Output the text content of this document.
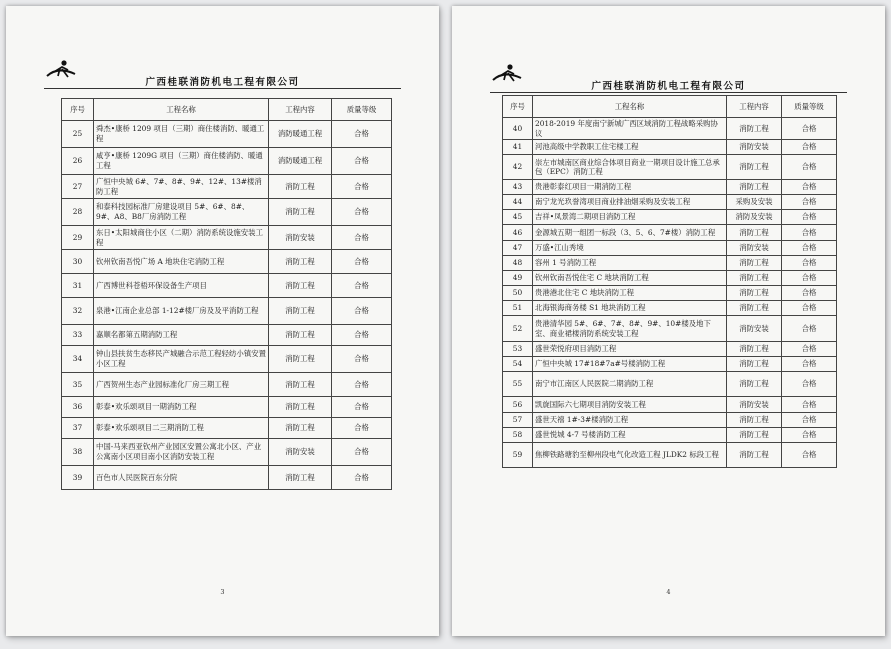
广西桂联消防机电工程有限公司
序号	工程名称	工程内容	质量等级
25	舜杰•康桥 1209 项目（三期）商住楼消防、暖通工程	消防暖通工程	合格
26	咸亨•康桥 1209G 项目（三期）商住楼消防、暖通工程	消防暖通工程	合格
27	广恒中央城 6#、7#、8#、9#、12#、13#楼消防工程	消防工程	合格
28	和泰科技园标准厂房建设项目 5#、6#、8#、9#、A8、B8厂房消防工程	消防工程	合格
29	东日•太阳城商住小区（二期）消防系统设施安装工程	消防安装	合格
30	钦州钦南吾悦广场 A 地块住宅消防工程	消防工程	合格
31	广西博世科苍梧环保设备生产项目	消防工程	合格
32	泉港•江南企业总部 1-12#楼厂房及及平消防工程	消防工程	合格
33	嘉顺名都第五期消防工程	消防工程	合格
34	钟山县扶贫生态移民产城融合示范工程轻纺小镇安置小区工程	消防工程	合格
35	广西贺州生态产业园标准化厂房三期工程	消防工程	合格
36	彰泰•欢乐颂项目一期消防工程	消防工程	合格
37	彰泰•欢乐颂项目二三期消防工程	消防工程	合格
38	中国-马来西亚钦州产业园区安置公寓北小区、产业公寓南小区项目南小区消防安装工程	消防安装	合格
39	百色市人民医院百东分院	消防工程	合格
3
广西桂联消防机电工程有限公司
序号	工程名称	工程内容	质量等级
40	2018-2019 年度南宁新城广西区域消防工程战略采购协议	消防工程	合格
41	河池高级中学教职工住宅楼工程	消防安装	合格
42	崇左市城南区商业综合体项目商业一期项目设计施工总承包（EPC）消防工程	消防工程	合格
43	贵港彰泰红项目一期消防工程	消防工程	合格
44	南宁龙光玖誉湾项目商业排油烟采购及安装工程	采购及安装	合格
45	吉祥•凤景湾二期项目消防工程	消防及安装	合格
46	金源城五期一组团一标段（3、5、6、7#楼）消防工程	消防工程	合格
47	万盛•江山秀境	消防安装	合格
48	容州 1 号消防工程	消防工程	合格
49	钦州钦南吾悦住宅 C 地块消防工程	消防工程	合格
50	贵港港北住宅 C 地块消防工程	消防工程	合格
51	北海银海商务楼 S1 地块消防工程	消防工程	合格
52	贵港清华园 5#、6#、7#、8#、9#、10#楼及地下室、商业裙楼消防系统安装工程	消防安装	合格
53	盛世荣悦府项目消防工程	消防工程	合格
54	广恒中央城 17#18#7a#号楼消防工程	消防工程	合格
55	南宁市江南区人民医院二期消防工程	消防工程	合格
56	凯旋国际六七期项目消防安装工程	消防安装	合格
57	盛世天禧 1#-3#楼消防工程	消防工程	合格
58	盛世悦城 4-7 号楼消防工程	消防工程	合格
59	焦柳铁路塘豹至柳州段电气化改造工程 JLDK2 标段工程	消防工程	合格
4
